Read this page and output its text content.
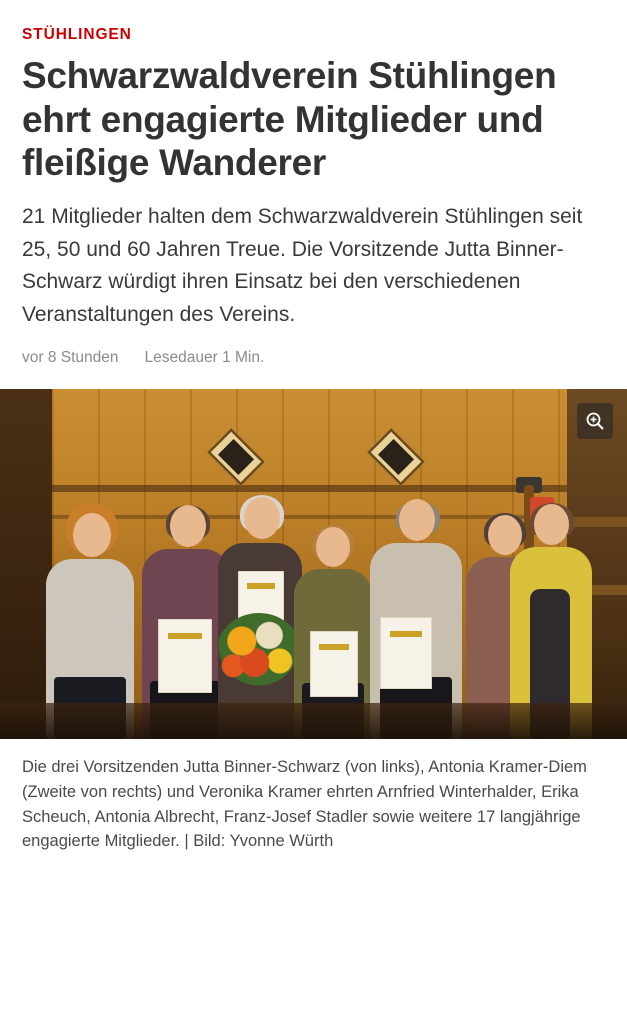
STÜHLINGEN
Schwarzwaldverein Stühlingen ehrt engagierte Mitglieder und fleißige Wanderer

21 Mitglieder halten dem Schwarzwaldverein Stühlingen seit 25, 50 und 60 Jahren Treue. Die Vorsitzende Jutta Binner-Schwarz würdigt ihren Einsatz bei den verschiedenen Veranstaltungen des Vereins.

vor 8 Stunden Lesedauer 1 Min.
Die drei Vorsitzenden Jutta Binner-Schwarz (von links), Antonia Kramer-Diem (Zweite von rechts) und Veronika Kramer ehrten Arnfried Winterhalder, Erika Scheuch, Antonia Albrecht, Franz-Josef Stadler sowie weitere 17 langjährige engagierte Mitglieder. | Bild: Yvonne Würth
